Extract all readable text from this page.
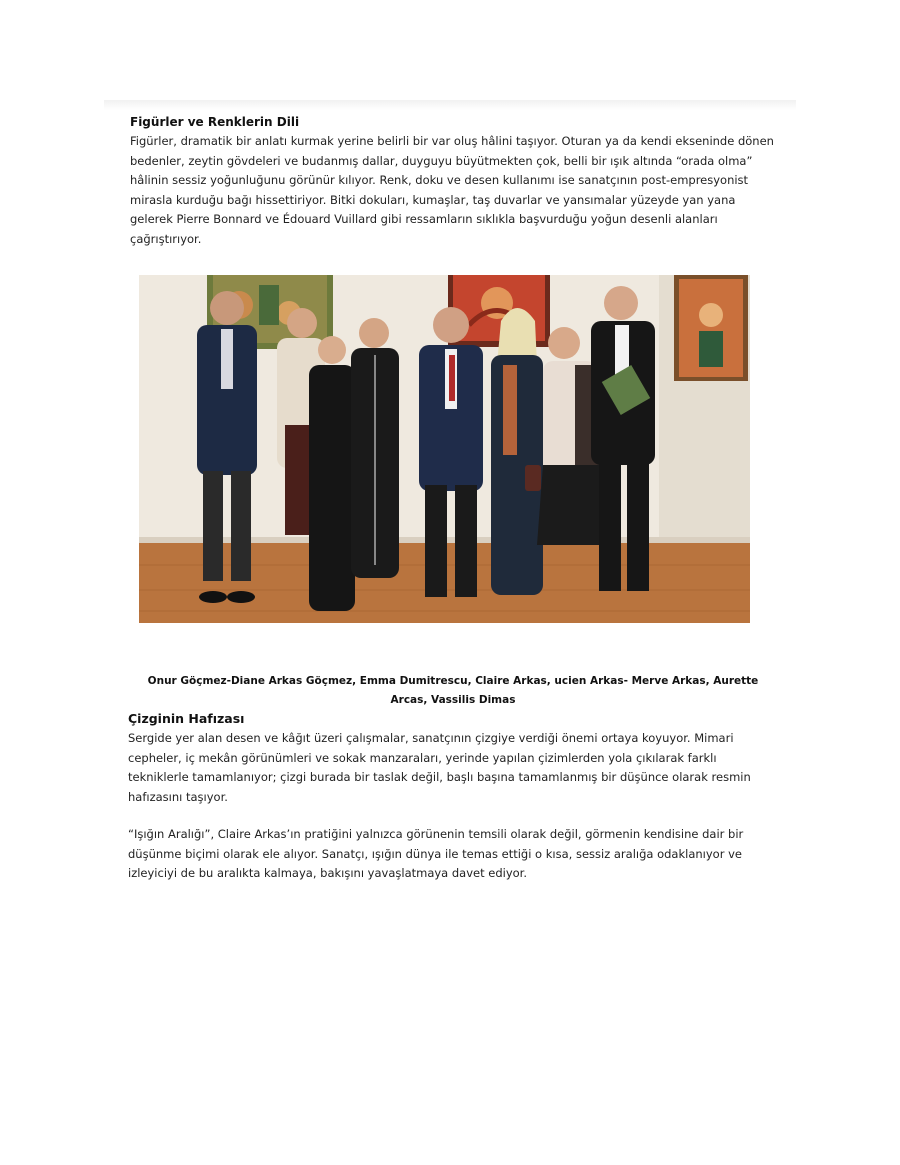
Figürler ve Renklerin Dili

Figürler, dramatik bir anlatı kurmak yerine belirli bir var oluş hâlini taşıyor. Oturan ya da kendi ekseninde dönen bedenler, zeytin gövdeleri ve budanmış dallar, duyguyu büyütmekten çok, belli bir ışık altında “orada olma” hâlinin sessiz yoğunluğunu görünür kılıyor. Renk, doku ve desen kullanımı ise sanatçının post-empresyonist mirasla kurduğu bağı hissettiriyor. Bitki dokuları, kumaşlar, taş duvarlar ve yansımalar yüzeyde yan yana gelerek Pierre Bonnard ve Édouard Vuillard gibi ressamların sıklıkla başvurduğu yoğun desenli alanları çağrıştırıyor.

Onur Göçmez-Diane Arkas Göçmez, Emma Dumitrescu, Claire Arkas, ucien Arkas- Merve Arkas, Aurette Arcas, Vassilis Dimas

Çizginin Hafızası

Sergide yer alan desen ve kâğıt üzeri çalışmalar, sanatçının çizgiye verdiği önemi ortaya koyuyor. Mimari cepheler, iç mekân görünümleri ve sokak manzaraları, yerinde yapılan çizimlerden yola çıkılarak farklı tekniklerle tamamlanıyor; çizgi burada bir taslak değil, başlı başına tamamlanmış bir düşünce olarak resmin hafızasını taşıyor.

“Işığın Aralığı”, Claire Arkas’ın pratiğini yalnızca görünenin temsili olarak değil, görmenin kendisine dair bir düşünme biçimi olarak ele alıyor. Sanatçı, ışığın dünya ile temas ettiği o kısa, sessiz aralığa odaklanıyor ve izleyiciyi de bu aralıkta kalmaya, bakışını yavaşlatmaya davet ediyor.
